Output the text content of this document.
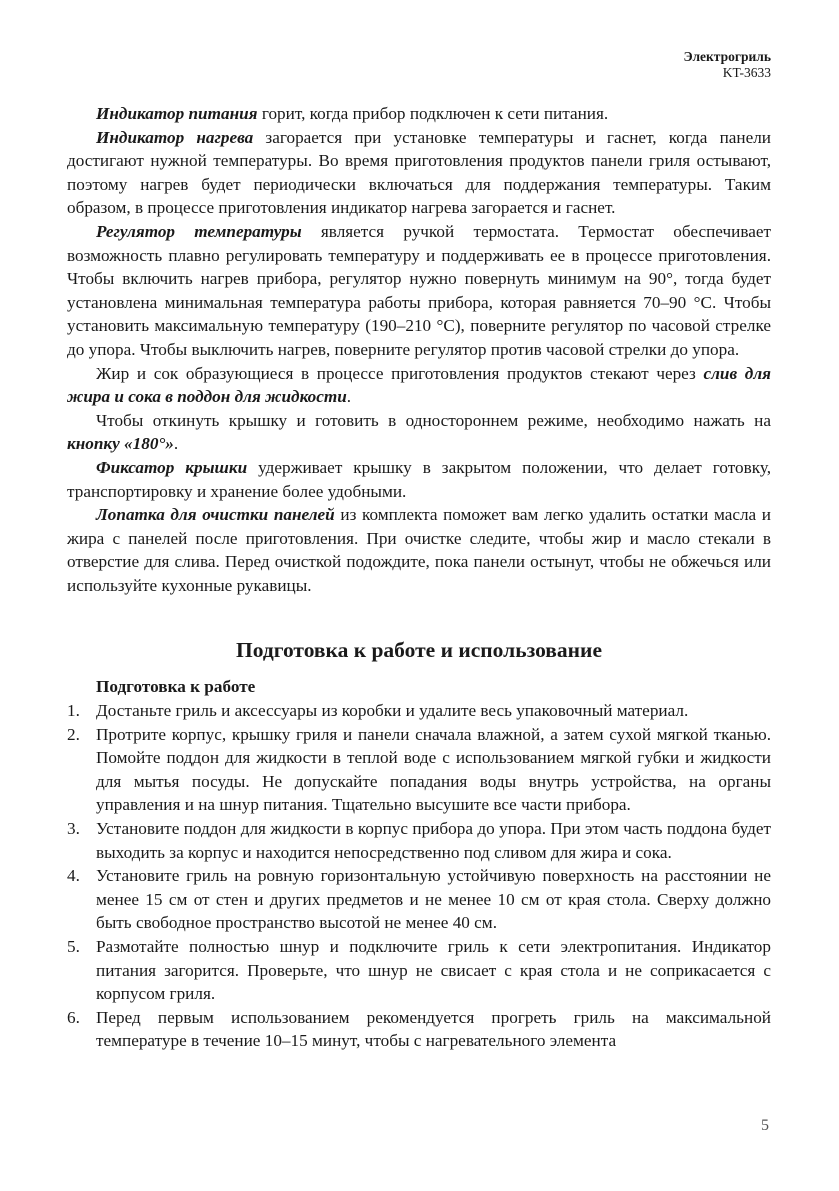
Электрогриль
KT-3633

Индикатор питания горит, когда прибор подключен к сети питания.

Индикатор нагрева загорается при установке температуры и гаснет, когда панели достигают нужной температуры. Во время приготовления продуктов панели гриля остывают, поэтому нагрев будет периодически включаться для поддержания температуры. Таким образом, в процессе приготовления индикатор нагрева загорается и гаснет.

Регулятор температуры является ручкой термостата. Термостат обеспечивает возможность плавно регулировать температуру и поддерживать ее в процессе приготовления. Чтобы включить нагрев прибора, регулятор нужно повернуть минимум на 90°, тогда будет установлена минимальная температура работы прибора, которая равняется 70–90 °C. Чтобы установить максимальную температуру (190–210 °C), поверните регулятор по часовой стрелке до упора. Чтобы выключить нагрев, поверните регулятор против часовой стрелки до упора.

Жир и сок образующиеся в процессе приготовления продуктов стекают через слив для жира и сока в поддон для жидкости.

Чтобы откинуть крышку и готовить в одностороннем режиме, необходимо нажать на кнопку «180°».

Фиксатор крышки удерживает крышку в закрытом положении, что делает готовку, транспортировку и хранение более удобными.

Лопатка для очистки панелей из комплекта поможет вам легко удалить остатки масла и жира с панелей после приготовления. При очистке следите, чтобы жир и масло стекали в отверстие для слива. Перед очисткой подождите, пока панели остынут, чтобы не обжечься или используйте кухонные рукавицы.

Подготовка к работе и использование

Подготовка к работе

1. Достаньте гриль и аксессуары из коробки и удалите весь упаковочный материал.
2. Протрите корпус, крышку гриля и панели сначала влажной, а затем сухой мягкой тканью. Помойте поддон для жидкости в теплой воде с использованием мягкой губки и жидкости для мытья посуды. Не допускайте попадания воды внутрь устройства, на органы управления и на шнур питания. Тщательно высушите все части прибора.
3. Установите поддон для жидкости в корпус прибора до упора. При этом часть поддона будет выходить за корпус и находится непосредственно под сливом для жира и сока.
4. Установите гриль на ровную горизонтальную устойчивую поверхность на расстоянии не менее 15 см от стен и других предметов и не менее 10 см от края стола. Сверху должно быть свободное пространство высотой не менее 40 см.
5. Размотайте полностью шнур и подключите гриль к сети электропитания. Индикатор питания загорится. Проверьте, что шнур не свисает с края стола и не соприкасается с корпусом гриля.
6. Перед первым использованием рекомендуется прогреть гриль на максимальной температуре в течение 10–15 минут, чтобы с нагревательного элемента
5
